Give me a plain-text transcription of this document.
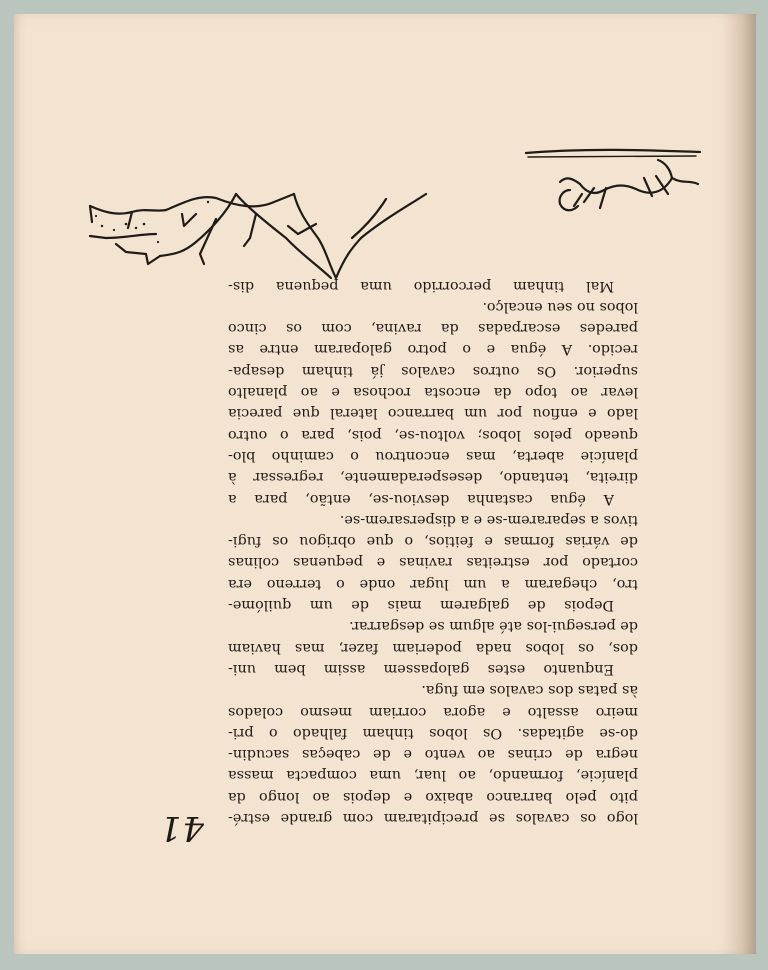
41 logo os cavalos se precipitaram com grande estré-
pito pelo barranco abaixo e depois ao longo da
planície, formando, ao luar, uma compacta massa
negra de crinas ao vento e de cabeças sacudin-
do-se agitadas. Os lobos tinham falhado o pri-
meiro assalto e agora corriam mesmo colados
às patas dos cavalos em fuga.
Enquanto estes galopassem assim bem uni-
dos, os lobos nada poderiam fazer, mas haviam
de persegui-los até algum se desgarrar.
Depois de galgarem mais de um quilóme-
tro, chegaram a um lugar onde o terreno era
cortado por estreitas ravinas e pequenas colinas
de várias formas e feitios, o que obrigou os fugi-
tivos a separarem-se e a dispersarem-se.
A égua castanha desviou-se, então, para a
direita, tentando, desesperadamente, regressar à
planície aberta, mas encontrou o caminho blo-
queado pelos lobos; voltou-se, pois, para o outro
lado e enfiou por um barranco lateral que parecia
levar ao topo da encosta rochosa e ao planalto
superior. Os outros cavalos já tinham desapa-
recido. A égua e o potro galoparam entre as
paredes escarpadas da ravina, com os cinco
lobos no seu encalço.
Mal tinham percorrido uma pequena dis-
